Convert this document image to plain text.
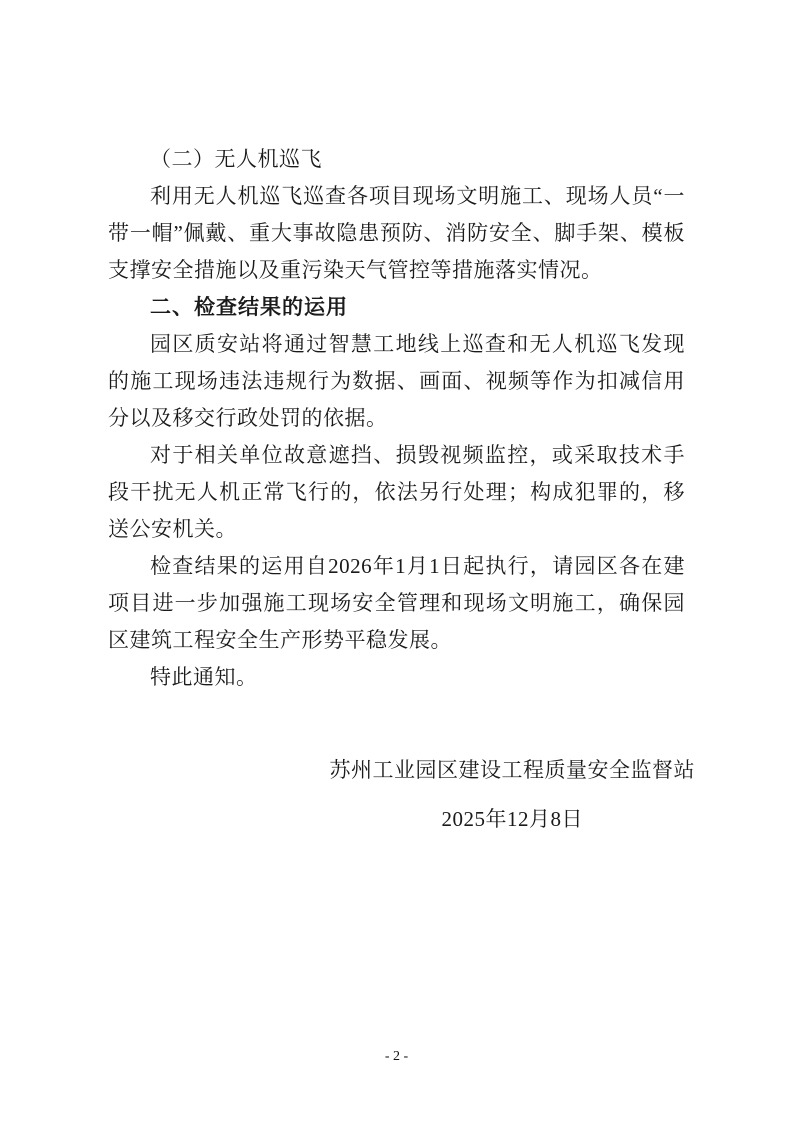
（二）无人机巡飞

利用无人机巡飞巡查各项目现场文明施工、现场人员“一带一帽”佩戴、重大事故隐患预防、消防安全、脚手架、模板支撑安全措施以及重污染天气管控等措施落实情况。

二、检查结果的运用

园区质安站将通过智慧工地线上巡查和无人机巡飞发现的施工现场违法违规行为数据、画面、视频等作为扣减信用分以及移交行政处罚的依据。

对于相关单位故意遮挡、损毁视频监控，或采取技术手段干扰无人机正常飞行的，依法另行处理；构成犯罪的，移送公安机关。

检查结果的运用自2026年1月1日起执行，请园区各在建项目进一步加强施工现场安全管理和现场文明施工，确保园区建筑工程安全生产形势平稳发展。

特此通知。

苏州工业园区建设工程质量安全监督站
2025年12月8日
- 2 -
